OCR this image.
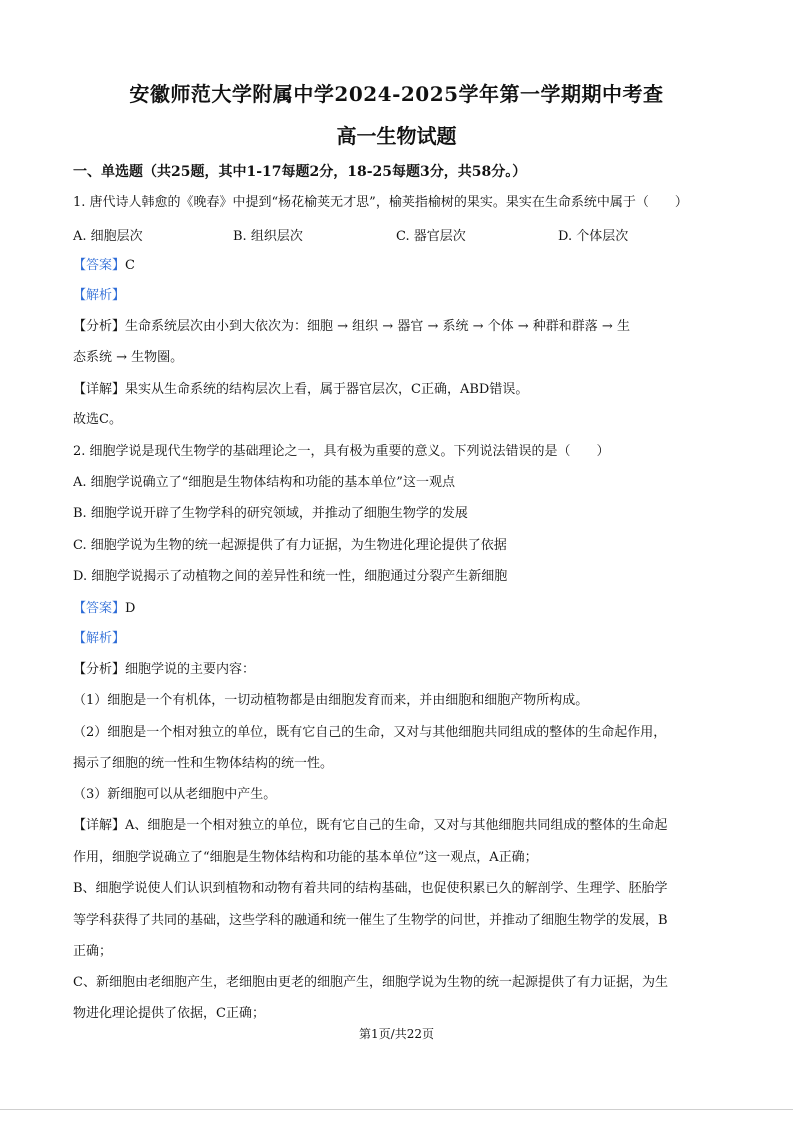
安徽师范大学附属中学2024-2025学年第一学期期中考查
高一生物试题
一、单选题（共25题，其中1-17每题2分，18-25每题3分，共58分。）
1. 唐代诗人韩愈的《晚春》中提到“杨花榆荚无才思”，榆荚指榆树的果实。果实在生命系统中属于（　　）
A. 细胞层次	B. 组织层次	C. 器官层次	D. 个体层次
【答案】C
【解析】
【分析】生命系统层次由小到大依次为：细胞 → 组织 → 器官 → 系统 → 个体 → 种群和群落 → 生
态系统 → 生物圈。
【详解】果实从生命系统的结构层次上看，属于器官层次，C正确，ABD错误。
故选C。
2. 细胞学说是现代生物学的基础理论之一，具有极为重要的意义。下列说法错误的是（　　）
A. 细胞学说确立了“细胞是生物体结构和功能的基本单位”这一观点
B. 细胞学说开辟了生物学科的研究领域，并推动了细胞生物学的发展
C. 细胞学说为生物的统一起源提供了有力证据，为生物进化理论提供了依据
D. 细胞学说揭示了动植物之间的差异性和统一性，细胞通过分裂产生新细胞
【答案】D
【解析】
【分析】细胞学说的主要内容：
（1）细胞是一个有机体，一切动植物都是由细胞发育而来，并由细胞和细胞产物所构成。
（2）细胞是一个相对独立的单位，既有它自己的生命，又对与其他细胞共同组成的整体的生命起作用，
揭示了细胞的统一性和生物体结构的统一性。
（3）新细胞可以从老细胞中产生。
【详解】A、细胞是一个相对独立的单位，既有它自己的生命，又对与其他细胞共同组成的整体的生命起
作用，细胞学说确立了“细胞是生物体结构和功能的基本单位”这一观点，A正确；
B、细胞学说使人们认识到植物和动物有着共同的结构基础，也促使积累已久的解剖学、生理学、胚胎学
等学科获得了共同的基础，这些学科的融通和统一催生了生物学的问世，并推动了细胞生物学的发展，B
正确；
C、新细胞由老细胞产生，老细胞由更老的细胞产生，细胞学说为生物的统一起源提供了有力证据，为生
物进化理论提供了依据，C正确；
第1页/共22页
